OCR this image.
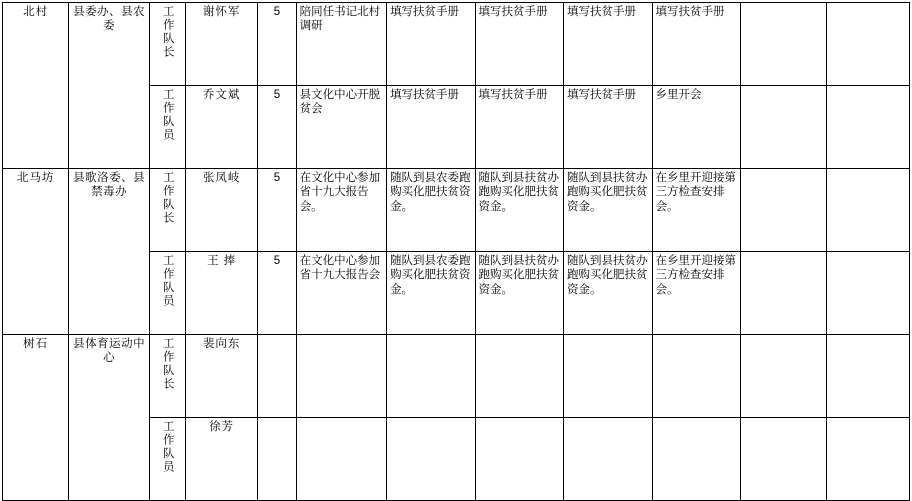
北村	县委办、县农委	工作队长	谢怀军	5	陪同任书记北村调研	填写扶贫手册	填写扶贫手册	填写扶贫手册	填写扶贫手册		
		工作队员	乔文斌	5	县文化中心开脱贫会	填写扶贫手册	填写扶贫手册	填写扶贫手册	乡里开会		
北马坊	县歌洛委、县禁毒办	工作队长	张凤岐	5	在文化中心参加省十九大报告会。	随队到县农委跑购买化肥扶贫资金。	随队到县扶贫办跑购买化肥扶贫资金。	随队到县扶贫办跑购买化肥扶贫资金。	在乡里开迎接第三方检查安排会。		
		工作队员	王 捧	5	在文化中心参加省十九大报告会	随队到县农委跑购买化肥扶贫资金。	随队到县扶贫办跑购买化肥扶贫资金。	随队到县扶贫办跑购买化肥扶贫资金。	在乡里开迎接第三方检查安排会。		
树石	县体育运动中心	工作队长	裴向东								
		工作队员	徐芳								
